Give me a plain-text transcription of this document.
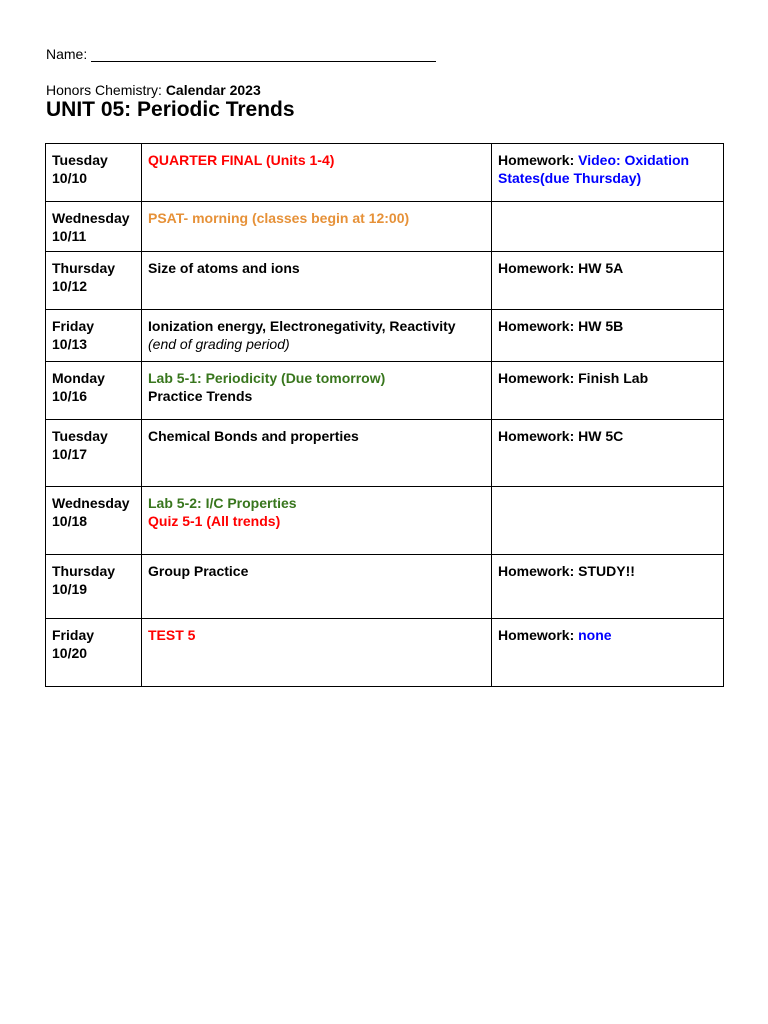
Name:
Honors Chemistry: Calendar 2023
UNIT 05: Periodic Trends
Tuesday
10/10	QUARTER FINAL (Units 1-4)	Homework: Video: Oxidation States(due Thursday)

Wednesday
10/11	PSAT- morning (classes begin at 12:00)	

Thursday
10/12	Size of atoms and ions	Homework: HW 5A

Friday
10/13	Ionization energy, Electronegativity, Reactivity
(end of grading period)	Homework: HW 5B

Monday
10/16	Lab 5-1: Periodicity (Due tomorrow)
Practice Trends	Homework: Finish Lab

Tuesday
10/17	Chemical Bonds and properties	Homework: HW 5C

Wednesday
10/18	Lab 5-2: I/C Properties
Quiz 5-1 (All trends)	

Thursday
10/19	Group Practice	Homework: STUDY!!

Friday
10/20	TEST 5	Homework: none
